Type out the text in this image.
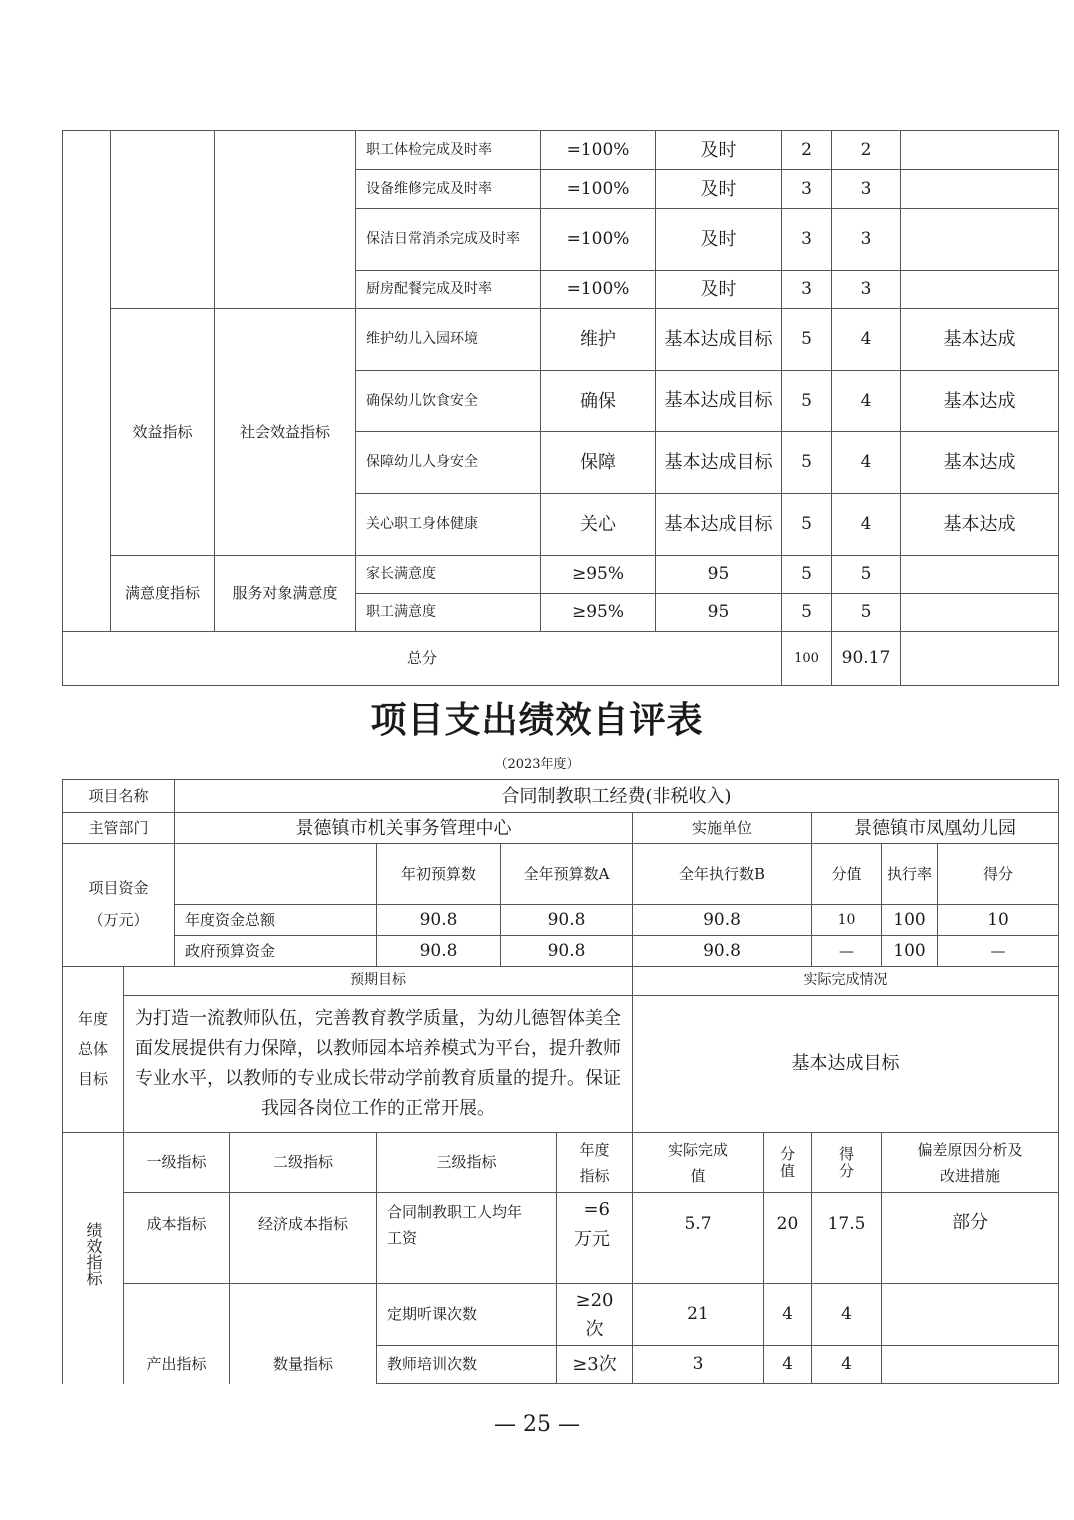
			职工体检完成及时率	=100%	及时	2	2	
			设备维修完成及时率	=100%	及时	3	3	
			保洁日常消杀完成及时率	=100%	及时	3	3	
			厨房配餐完成及时率	=100%	及时	3	3	
	效益指标	社会效益指标	维护幼儿入园环境	维护	基本达成目标	5	4	基本达成
			确保幼儿饮食安全	确保	基本达成目标	5	4	基本达成
			保障幼儿人身安全	保障	基本达成目标	5	4	基本达成
			关心职工身体健康	关心	基本达成目标	5	4	基本达成
	满意度指标	服务对象满意度	家长满意度	≥95%	95	5	5	
			职工满意度	≥95%	95	5	5	
总分						100	90.17	
项目支出绩效自评表
（2023年度）
项目名称	合同制教职工经费(非税收入)						
主管部门	景德镇市机关事务管理中心			实施单位	景德镇市凤凰幼儿园		

项目资金
（万元）		年初预算数	全年预算数A	全年执行数B	分值	执行率	得分
	年度资金总额	90.8	90.8	90.8	10	100	10
	政府预算资金	90.8	90.8	90.8	—	100	—
年度总体目标	预期目标	实际完成情况
	为打造一流教师队伍，完善教育教学质量，为幼儿德智体美全面发展提供有力保障，以教师园本培养模式为平台，提升教师专业水平，以教师的专业成长带动学前教育质量的提升。保证我园各岗位工作的正常开展。	基本达成目标
绩效指标	一级指标	二级指标	三级指标	年度指标	实际完成值	分值	得分	偏差原因分析及改进措施
	成本指标	经济成本指标	合同制教职工人均年工资	=6万元	5.7	20	17.5	部分
	产出指标	数量指标	定期听课次数	≥20次	21	4	4	
			教师培训次数	≥3次	3	4	4	
— 25 —
